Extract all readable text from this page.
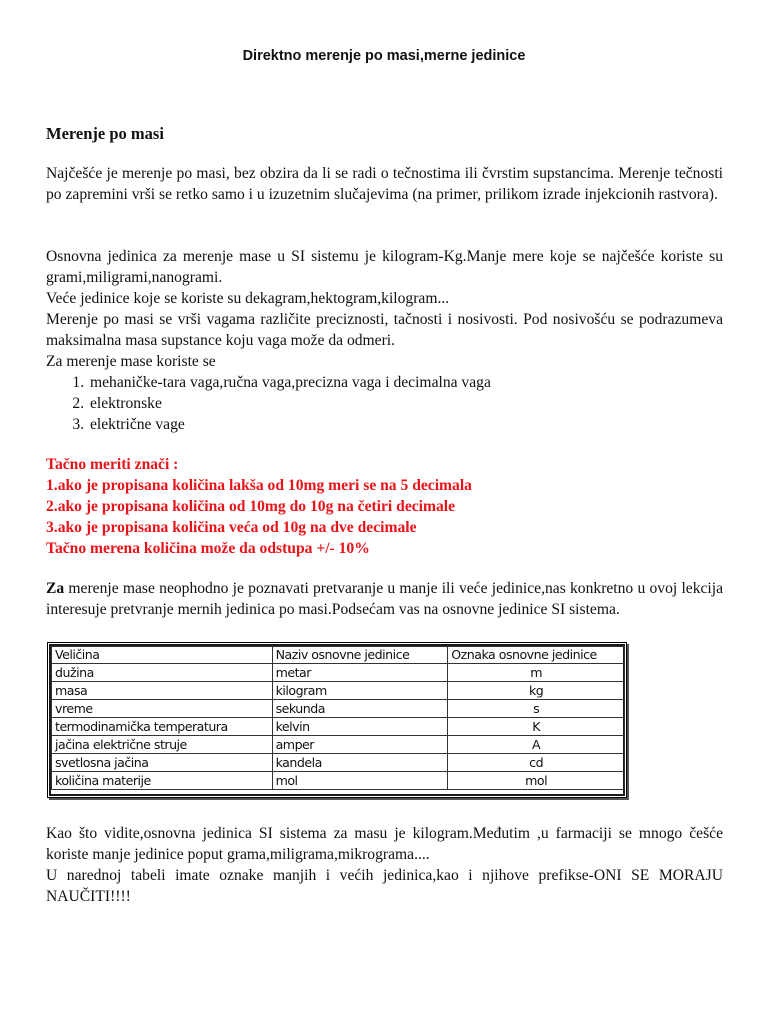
Direktno merenje po masi,merne jedinice
Merenje po masi
Najčešće je merenje po masi, bez obzira da li se radi o tečnostima ili čvrstim supstancima. Merenje tečnosti po zapremini vrši se retko samo i u izuzetnim slučajevima (na primer, prilikom izrade injekcionih rastvora).
Osnovna jedinica za merenje mase u SI sistemu je kilogram-Kg.Manje mere koje se najčešće koriste su grami,miligrami,nanogrami.
Veće jedinice koje se koriste su dekagram,hektogram,kilogram...
Merenje po masi se vrši vagama različite preciznosti, tačnosti i nosivosti. Pod nosivošću se podrazumeva maksimalna masa supstance koju vaga može da odmeri.
Za merenje mase koriste se
1. mehaničke-tara vaga,ručna vaga,precizna vaga i decimalna vaga
2. elektronske
3. električne vage
Tačno meriti znači :
1.ako je propisana količina lakša od 10mg meri se na 5 decimala
2.ako je propisana količina od 10mg do 10g na četiri decimale
3.ako je propisana količina veća od 10g na dve decimale
Tačno merena količina može da odstupa +/- 10%
Za merenje mase neophodno je poznavati pretvaranje u manje ili veće jedinice,nas konkretno u ovoj lekcija interesuje pretvranje mernih jedinica po masi.Podsećam vas na osnovne jedinice SI sistema.
Veličina	Naziv osnovne jedinice	Oznaka osnovne jedinice
dužina	metar	m
masa	kilogram	kg
vreme	sekunda	s
termodinamička temperatura	kelvin	K
jačina električne struje	amper	A
svetlosna jačina	kandela	cd
količina materije	mol	mol
Kao što vidite,osnovna jedinica SI sistema za masu je kilogram.Međutim ,u farmaciji se mnogo češće koriste manje jedinice poput grama,miligrama,mikrograma....
U narednoj tabeli imate oznake manjih i većih jedinica,kao i njihove prefikse-ONI SE MORAJU NAUČITI!!!!
